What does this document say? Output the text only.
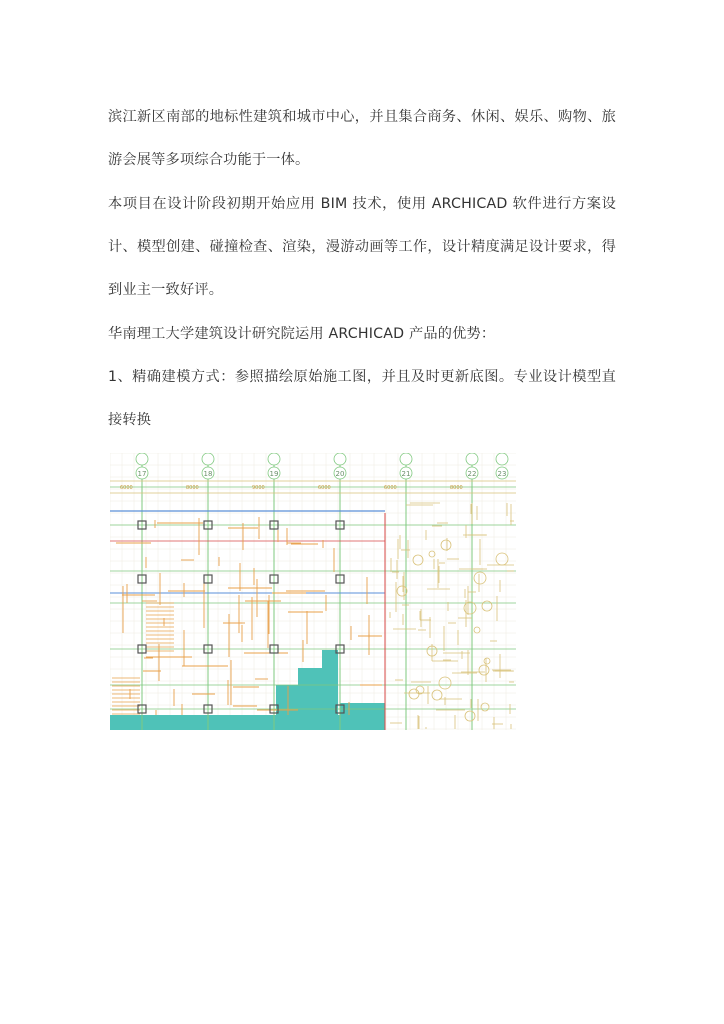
滨江新区南部的地标性建筑和城市中心，并且集合商务、休闲、娱乐、购物、旅游会展等多项综合功能于一体。

本项目在设计阶段初期开始应用 BIM 技术，使用 ARCHICAD 软件进行方案设计、模型创建、碰撞检查、渲染，漫游动画等工作，设计精度满足设计要求，得到业主一致好评。

华南理工大学建筑设计研究院运用 ARCHICAD 产品的优势：

1、精确建模方式：参照描绘原始施工图，并且及时更新底图。专业设计模型直接转换

17	18	19	20	21	22	23
6000	8000	9000	6000	6000	8000
